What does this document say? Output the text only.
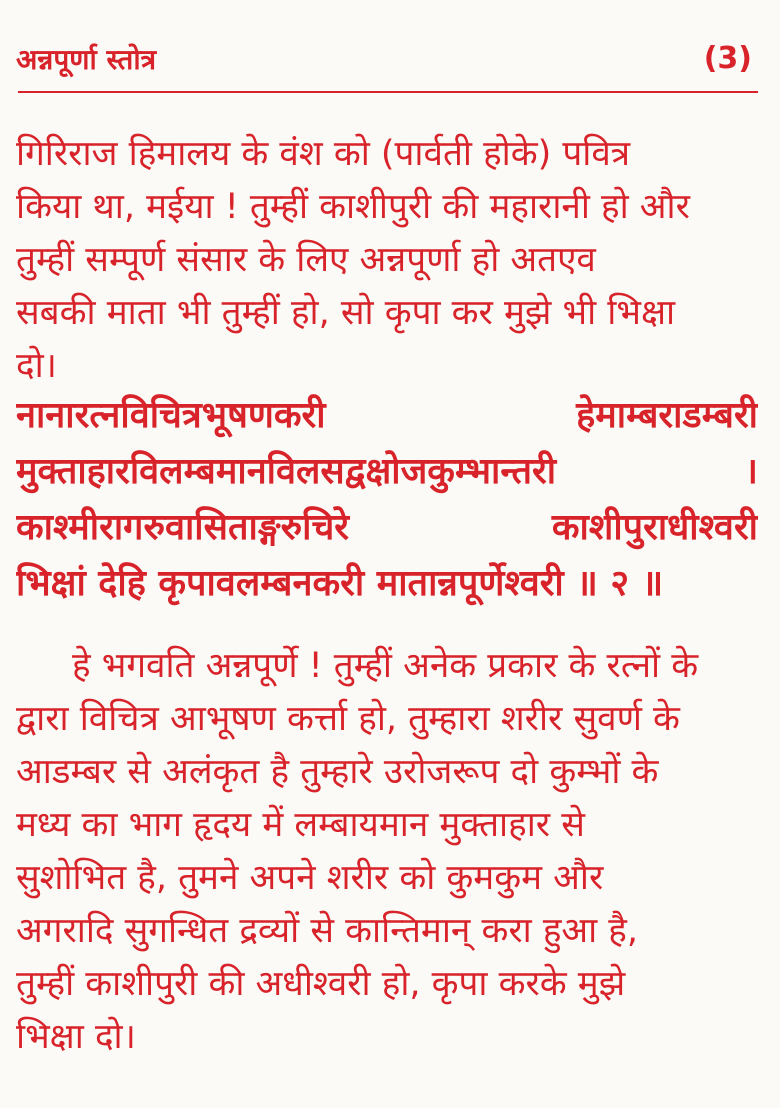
अन्नपूर्णा स्तोत्र	(3)
गिरिराज हिमालय के वंश को (पार्वती होके) पवित्र
किया था, मईया ! तुम्हीं काशीपुरी की महारानी हो और
तुम्हीं सम्पूर्ण संसार के लिए अन्नपूर्णा हो अतएव
सबकी माता भी तुम्हीं हो, सो कृपा कर मुझे भी भिक्षा
दो।
नानारत्नविचित्रभूषणकरी	हेमाम्बराडम्बरी
मुक्ताहारविलम्बमानविलसद्वक्षोजकुम्भान्तरी	।
काश्मीरागरुवासिताङ्गरुचिरे	काशीपुराधीश्वरी
भिक्षां देहि कृपावलम्बनकरी मातान्नपूर्णेश्वरी ॥ २ ॥
हे भगवति अन्नपूर्णे ! तुम्हीं अनेक प्रकार के रत्नों के
द्वारा विचित्र आभूषण कर्त्ता हो, तुम्हारा शरीर सुवर्ण के
आडम्बर से अलंकृत है तुम्हारे उरोजरूप दो कुम्भों के
मध्य का भाग हृदय में लम्बायमान मुक्ताहार से
सुशोभित है, तुमने अपने शरीर को कुमकुम और
अगरादि सुगन्धित द्रव्यों से कान्तिमान् करा हुआ है,
तुम्हीं काशीपुरी की अधीश्वरी हो, कृपा करके मुझे
भिक्षा दो।
